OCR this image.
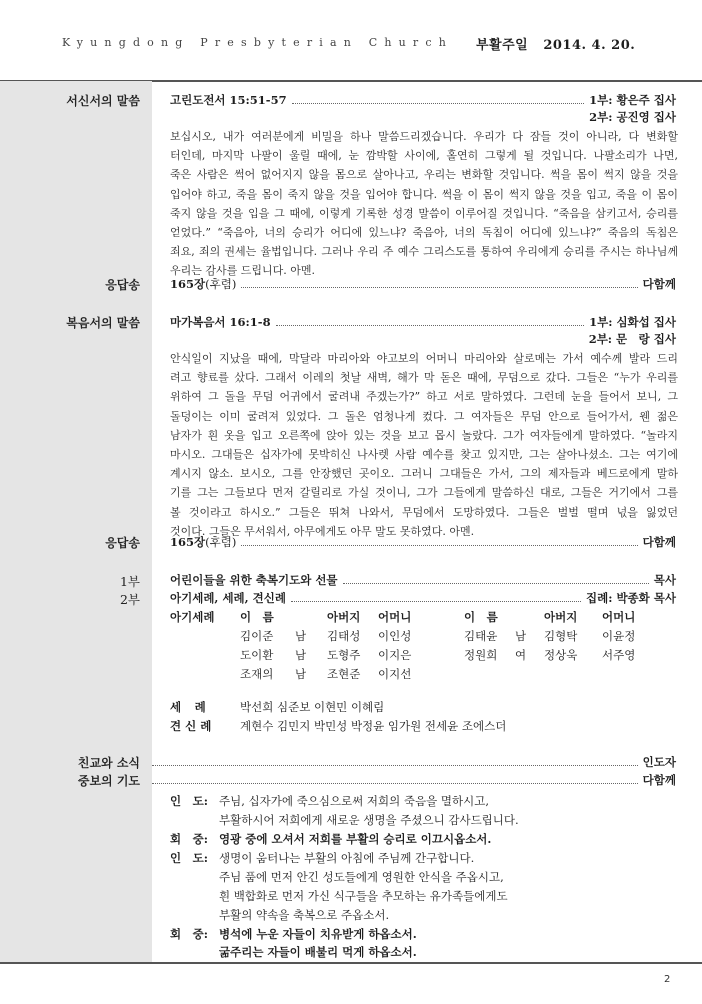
Kyungdong Presbyterian Church 부활주일 2014. 4. 20.
서신서의 말씀	고린도전서 15:51-57	1부: 황은주 집사
2부: 공진영 집사
보십시오, 내가 여러분에게 비밀을 하나 말씀드리겠습니다. 우리가 다 잠들 것이 아니라, 다 변화할
터인데, 마지막 나팔이 울릴 때에, 눈 깜박할 사이에, 홀연히 그렇게 될 것입니다. 나팔소리가 나면,
죽은 사람은 썩어 없어지지 않을 몸으로 살아나고, 우리는 변화할 것입니다. 썩을 몸이 썩지 않을 것을
입어야 하고, 죽을 몸이 죽지 않을 것을 입어야 합니다. 썩을 이 몸이 썩지 않을 것을 입고, 죽을 이 몸이
죽지 않을 것을 입을 그 때에, 이렇게 기록한 성경 말씀이 이루어질 것입니다. “죽음을 삼키고서, 승리를
얻었다.” “죽음아, 너의 승리가 어디에 있느냐? 죽음아, 너의 독침이 어디에 있느냐?” 죽음의 독침은
죄요, 죄의 권세는 율법입니다. 그러나 우리 주 예수 그리스도를 통하여 우리에게 승리를 주시는 하나님께
우리는 감사를 드립니다. 아멘.
응답송	165장 (후렴)	다함께
복음서의 말씀	마가복음서 16:1-8	1부: 심화섭 집사
2부: 문　랑 집사
안식일이 지났을 때에, 막달라 마리아와 야고보의 어머니 마리아와 살로메는 가서 예수께 발라 드리
려고 향료를 샀다. 그래서 이레의 첫날 새벽, 해가 막 돋은 때에, 무덤으로 갔다. 그들은 “누가 우리를
위하여 그 돌을 무덤 어귀에서 굴려내 주겠는가?” 하고 서로 말하였다. 그런데 눈을 들어서 보니, 그
돌덩이는 이미 굴려져 있었다. 그 돌은 엄청나게 컸다. 그 여자들은 무덤 안으로 들어가서, 웬 젊은
남자가 흰 옷을 입고 오른쪽에 앉아 있는 것을 보고 몹시 놀랐다. 그가 여자들에게 말하였다. “놀라지
마시오. 그대들은 십자가에 못박히신 나사렛 사람 예수를 찾고 있지만, 그는 살아나셨소. 그는 여기에
계시지 않소. 보시오, 그를 안장했던 곳이오. 그러니 그대들은 가서, 그의 제자들과 베드로에게 말하
기를 그는 그들보다 먼저 갈릴리로 가실 것이니, 그가 그들에게 말씀하신 대로, 그들은 거기에서 그를
볼 것이라고 하시오.” 그들은 뛰쳐 나와서, 무덤에서 도망하였다. 그들은 벌벌 떨며 넋을 잃었던
것이다. 그들은 무서워서, 아무에게도 아무 말도 못하였다. 아멘.
응답송	165장 (후렴)	다함께
1부
2부
어린이들을 위한 축복기도와 선물	목사
아기세례, 세례, 견신례	집례: 박종화 목사
아기세례 이　름	아버지 어머니	이　름	아버지 어머니
김이준 남 김태성 이인성
도이환 남 도형주 이지은
조재의 남 조현준 이지선
김태윤 남 김형탁 이윤정
정원희 여 정상욱 서주영
세　례	박선희 심준보 이현민 이혜림
견 신 례 계현수 김민지 박민성 박정윤 임가원 전세윤 조에스더
친교와 소식	인도자
중보의 기도	다함께
인　도: 주님, 십자가에 죽으심으로써 저희의 죽음을 멸하시고,
부활하시어 저희에게 새로운 생명을 주셨으니 감사드립니다.
회　중: 영광 중에 오셔서 저희를 부활의 승리로 이끄시옵소서.
인　도: 생명이 움터나는 부활의 아침에 주님께 간구합니다.
주님 품에 먼저 안긴 성도들에게 영원한 안식을 주옵시고,
흰 백합화로 먼저 가신 식구들을 추모하는 유가족들에게도
부활의 약속을 축복으로 주옵소서.
회　중: 병석에 누운 자들이 치유받게 하옵소서.
굶주리는 자들이 배불리 먹게 하옵소서.
2
